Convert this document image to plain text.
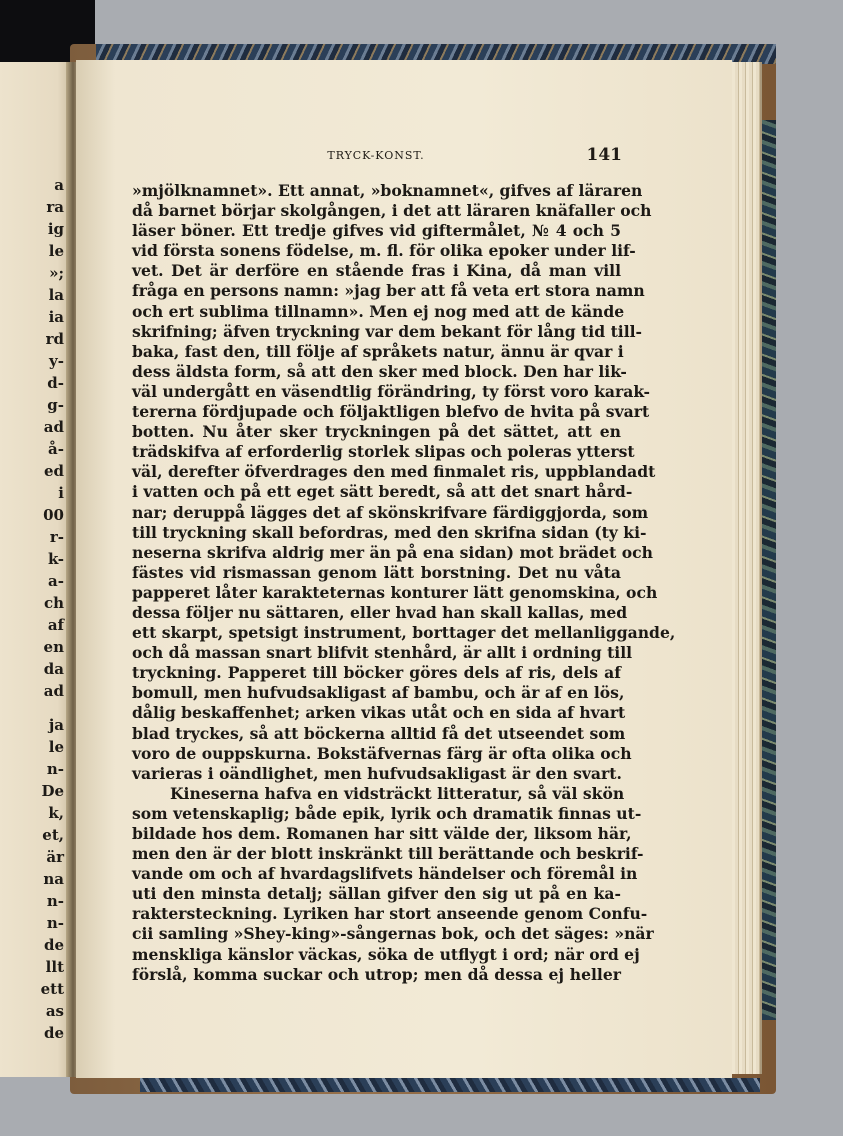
a
ra
ig
le
»;
la
ia
rd
y-
d-
g-
ad
å-
ed
i
00
r-
k-
a-
ch
af
en
da
ad
ja
le
n-
De
k,
et,
är
na
n-
n-
de
llt
ett
as
de
TRYCK-KONST.	141
»mjölknamnet». Ett annat, »boknamnet«, gifves af läraren
då barnet börjar skolgången, i det att läraren knäfaller och
läser böner. Ett tredje gifves vid giftermålet, № 4 och 5
vid första sonens födelse, m. fl. för olika epoker under lif-
vet. Det är derföre en stående fras i Kina, då man vill
fråga en persons namn: »jag ber att få veta ert stora namn
och ert sublima tillnamn». Men ej nog med att de kände
skrifning; äfven tryckning var dem bekant för lång tid till-
baka, fast den, till följe af språkets natur, ännu är qvar i
dess äldsta form, så att den sker med block. Den har lik-
väl undergått en väsendtlig förändring, ty först voro karak-
tererna fördjupade och följaktligen blefvo de hvita på svart
botten. Nu åter sker tryckningen på det sättet, att en
trädskifva af erforderlig storlek slipas och poleras ytterst
väl, derefter öfverdrages den med finmalet ris, uppblandadt
i vatten och på ett eget sätt beredt, så att det snart hård-
nar; deruppå lägges det af skönskrifvare färdiggjorda, som
till tryckning skall befordras, med den skrifna sidan (ty ki-
neserna skrifva aldrig mer än på ena sidan) mot brädet och
fästes vid rismassan genom lätt borstning. Det nu våta
papperet låter karakteternas konturer lätt genomskina, och
dessa följer nu sättaren, eller hvad han skall kallas, med
ett skarpt, spetsigt instrument, borttager det mellanliggande,
och då massan snart blifvit stenhård, är allt i ordning till
tryckning. Papperet till böcker göres dels af ris, dels af
bomull, men hufvudsakligast af bambu, och är af en lös,
dålig beskaffenhet; arken vikas utåt och en sida af hvart
blad tryckes, så att böckerna alltid få det utseendet som
voro de ouppskurna. Bokstäfvernas färg är ofta olika och
varieras i oändlighet, men hufvudsakligast är den svart.
Kineserna hafva en vidsträckt litteratur, så väl skön
som vetenskaplig; både epik, lyrik och dramatik finnas ut-
bildade hos dem. Romanen har sitt välde der, liksom här,
men den är der blott inskränkt till berättande och beskrif-
vande om och af hvardagslifvets händelser och föremål in
uti den minsta detalj; sällan gifver den sig ut på en ka-
raktersteckning. Lyriken har stort anseende genom Confu-
cii samling »Shey-king»-sångernas bok, och det säges: »när
menskliga känslor väckas, söka de utflygt i ord; när ord ej
förslå, komma suckar och utrop; men då dessa ej heller
